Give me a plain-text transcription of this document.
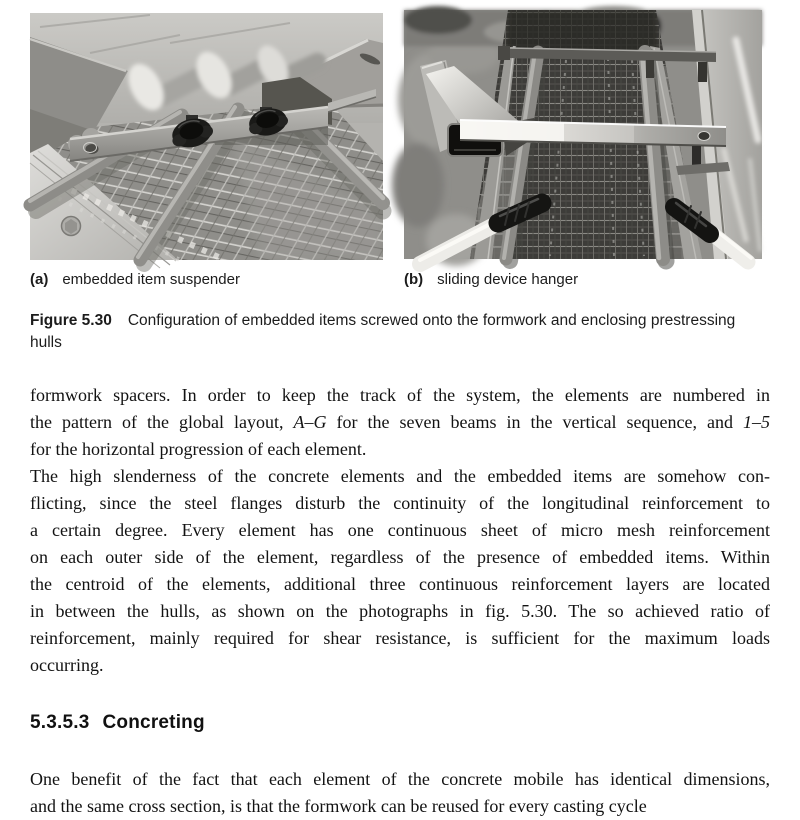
(a) embedded item suspender	(b) sliding device hanger
Figure 5.30 Configuration of embedded items screwed onto the formwork and enclosing prestressing
hulls
formwork spacers. In order to keep the track of the system, the elements are numbered in
the pattern of the global layout, A–G for the seven beams in the vertical sequence, and 1–5
for the horizontal progression of each element.
The high slenderness of the concrete elements and the embedded items are somehow con-
flicting, since the steel flanges disturb the continuity of the longitudinal reinforcement to
a certain degree. Every element has one continuous sheet of micro mesh reinforcement
on each outer side of the element, regardless of the presence of embedded items. Within
the centroid of the elements, additional three continuous reinforcement layers are located
in between the hulls, as shown on the photographs in fig. 5.30. The so achieved ratio of
reinforcement, mainly required for shear resistance, is sufficient for the maximum loads
occurring.
5.3.5.3 Concreting
One benefit of the fact that each element of the concrete mobile has identical dimensions,
and the same cross section, is that the formwork can be reused for every casting cycle
